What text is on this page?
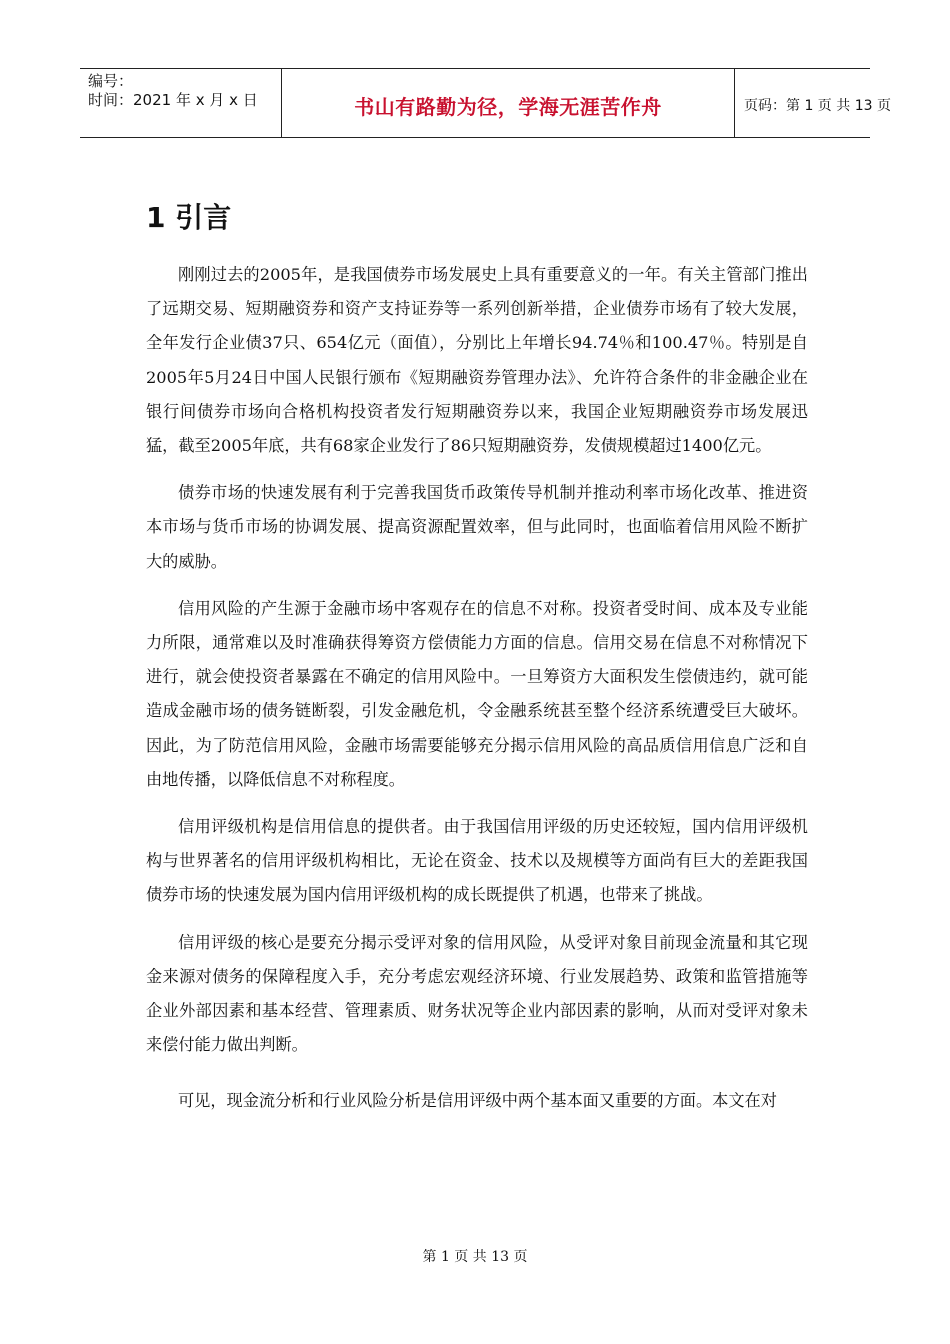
编号：
时间：2021 年 x 月 x 日	书山有路勤为径，学海无涯苦作舟	页码：第 1 页 共 13 页
1 引言

刚刚过去的2005年，是我国债券市场发展史上具有重要意义的一年。有关主管部门推出了远期交易、短期融资券和资产支持证券等一系列创新举措，企业债券市场有了较大发展，全年发行企业债37只、654亿元（面值），分别比上年增长94.74％和100.47％。特别是自2005年5月24日中国人民银行颁布《短期融资券管理办法》、允许符合条件的非金融企业在银行间债券市场向合格机构投资者发行短期融资券以来，我国企业短期融资券市场发展迅猛，截至2005年底，共有68家企业发行了86只短期融资券，发债规模超过1400亿元。

债券市场的快速发展有利于完善我国货币政策传导机制并推动利率市场化改革、推进资本市场与货币市场的协调发展、提高资源配置效率，但与此同时，也面临着信用风险不断扩大的威胁。

信用风险的产生源于金融市场中客观存在的信息不对称。投资者受时间、成本及专业能力所限，通常难以及时准确获得筹资方偿债能力方面的信息。信用交易在信息不对称情况下进行，就会使投资者暴露在不确定的信用风险中。一旦筹资方大面积发生偿债违约，就可能造成金融市场的债务链断裂，引发金融危机，令金融系统甚至整个经济系统遭受巨大破坏。因此，为了防范信用风险，金融市场需要能够充分揭示信用风险的高品质信用信息广泛和自由地传播，以降低信息不对称程度。

信用评级机构是信用信息的提供者。由于我国信用评级的历史还较短，国内信用评级机构与世界著名的信用评级机构相比，无论在资金、技术以及规模等方面尚有巨大的差距我国债券市场的快速发展为国内信用评级机构的成长既提供了机遇，也带来了挑战。

信用评级的核心是要充分揭示受评对象的信用风险，从受评对象目前现金流量和其它现金来源对债务的保障程度入手，充分考虑宏观经济环境、行业发展趋势、政策和监管措施等企业外部因素和基本经营、管理素质、财务状况等企业内部因素的影响，从而对受评对象未来偿付能力做出判断。

可见，现金流分析和行业风险分析是信用评级中两个基本面又重要的方面。本文在对

第 1 页 共 13 页
